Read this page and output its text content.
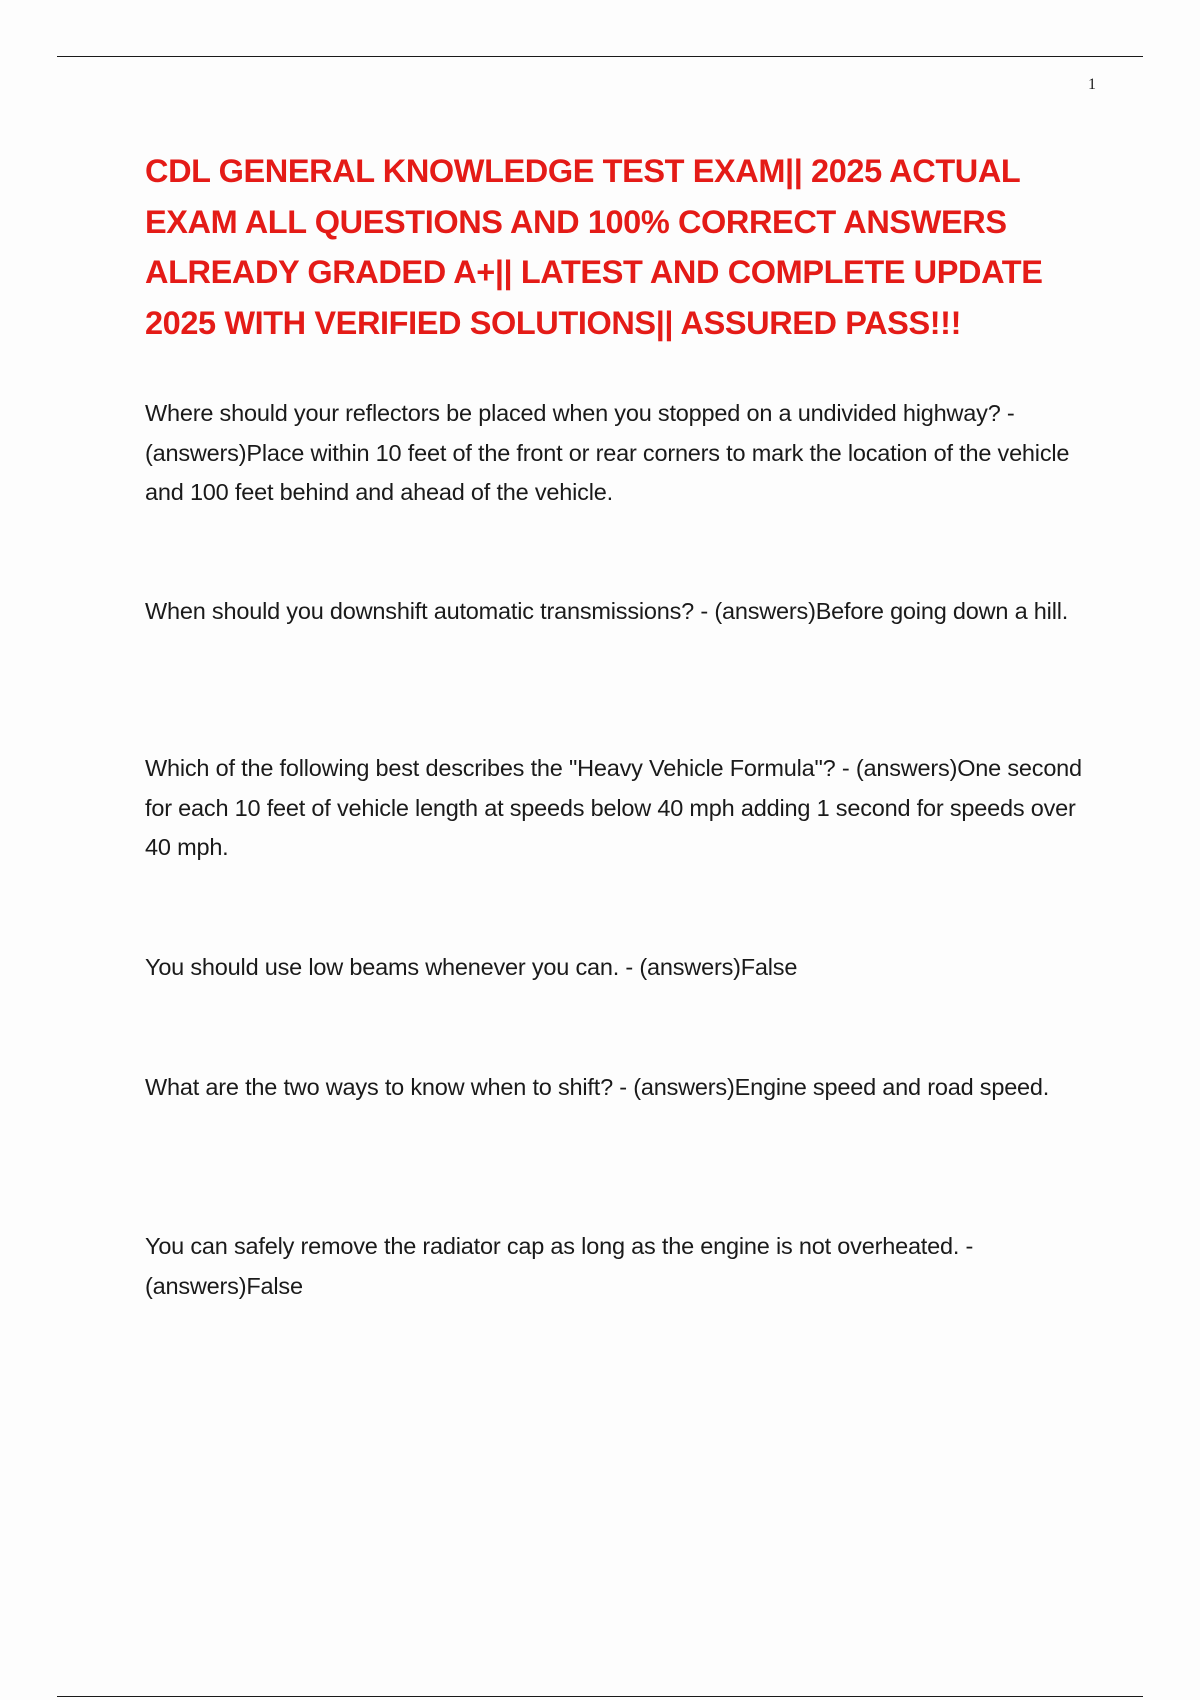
1
CDL GENERAL KNOWLEDGE TEST EXAM|| 2025 ACTUAL EXAM ALL QUESTIONS AND 100% CORRECT ANSWERS ALREADY GRADED A+|| LATEST AND COMPLETE UPDATE 2025 WITH VERIFIED SOLUTIONS|| ASSURED PASS!!!

Where should your reflectors be placed when you stopped on a undivided highway? - (answers)Place within 10 feet of the front or rear corners to mark the location of the vehicle and 100 feet behind and ahead of the vehicle.

When should you downshift automatic transmissions? - (answers)Before going down a hill.

Which of the following best describes the "Heavy Vehicle Formula"? - (answers)One second for each 10 feet of vehicle length at speeds below 40 mph adding 1 second for speeds over 40 mph.

You should use low beams whenever you can. - (answers)False

What are the two ways to know when to shift? - (answers)Engine speed and road speed.

You can safely remove the radiator cap as long as the engine is not overheated. - (answers)False
